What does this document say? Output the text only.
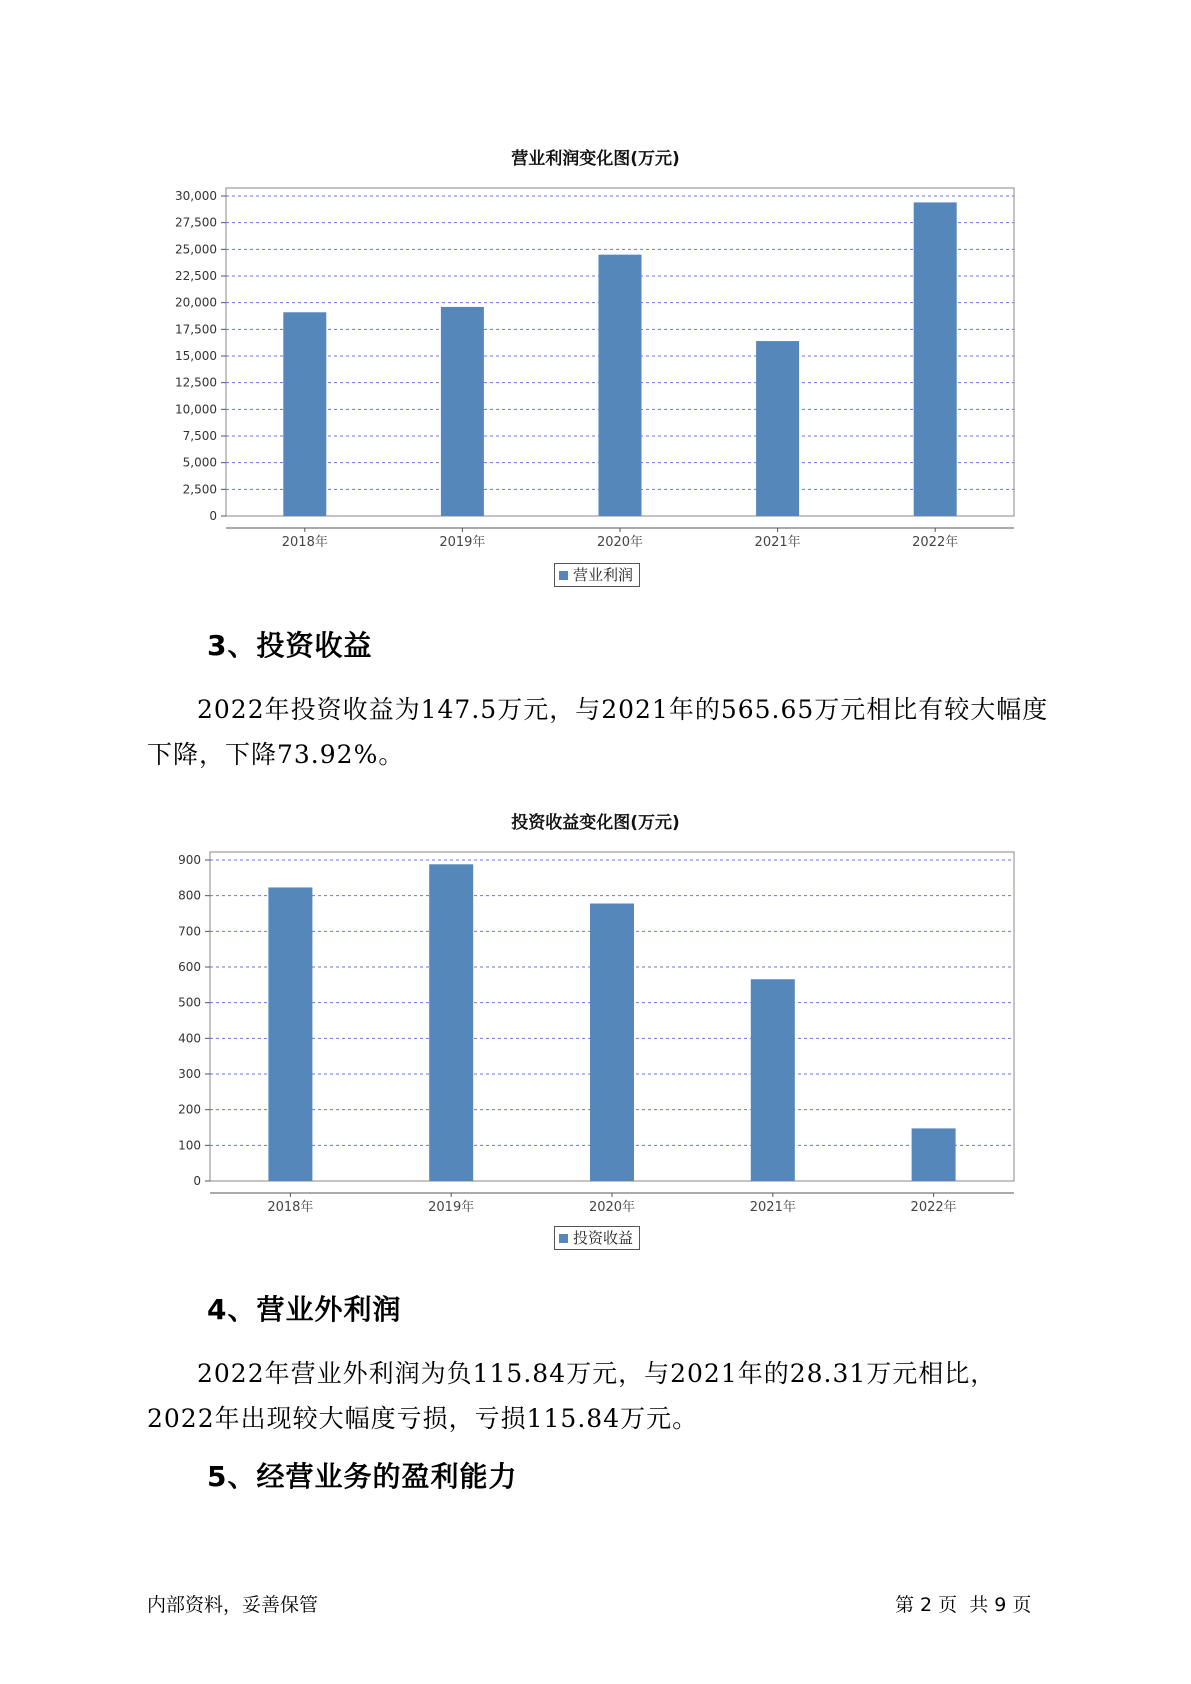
营业利润变化图(万元)
0
2,500
5,000
7,500
10,000
12,500
15,000
17,500
20,000
22,500
25,000
27,500
30,000
2018年	2019年	2020年	2021年	2022年
营业利润
3、投资收益
2022年投资收益为147.5万元，与2021年的565.65万元相比有较大幅度下降，下降73.92%。
投资收益变化图(万元)
0
100
200
300
400
500
600
700
800
900
2018年	2019年	2020年	2021年	2022年
投资收益
4、营业外利润
2022年营业外利润为负115.84万元，与2021年的28.31万元相比，2022年出现较大幅度亏损，亏损115.84万元。
5、经营业务的盈利能力
内部资料，妥善保管	第 2 页  共 9 页
